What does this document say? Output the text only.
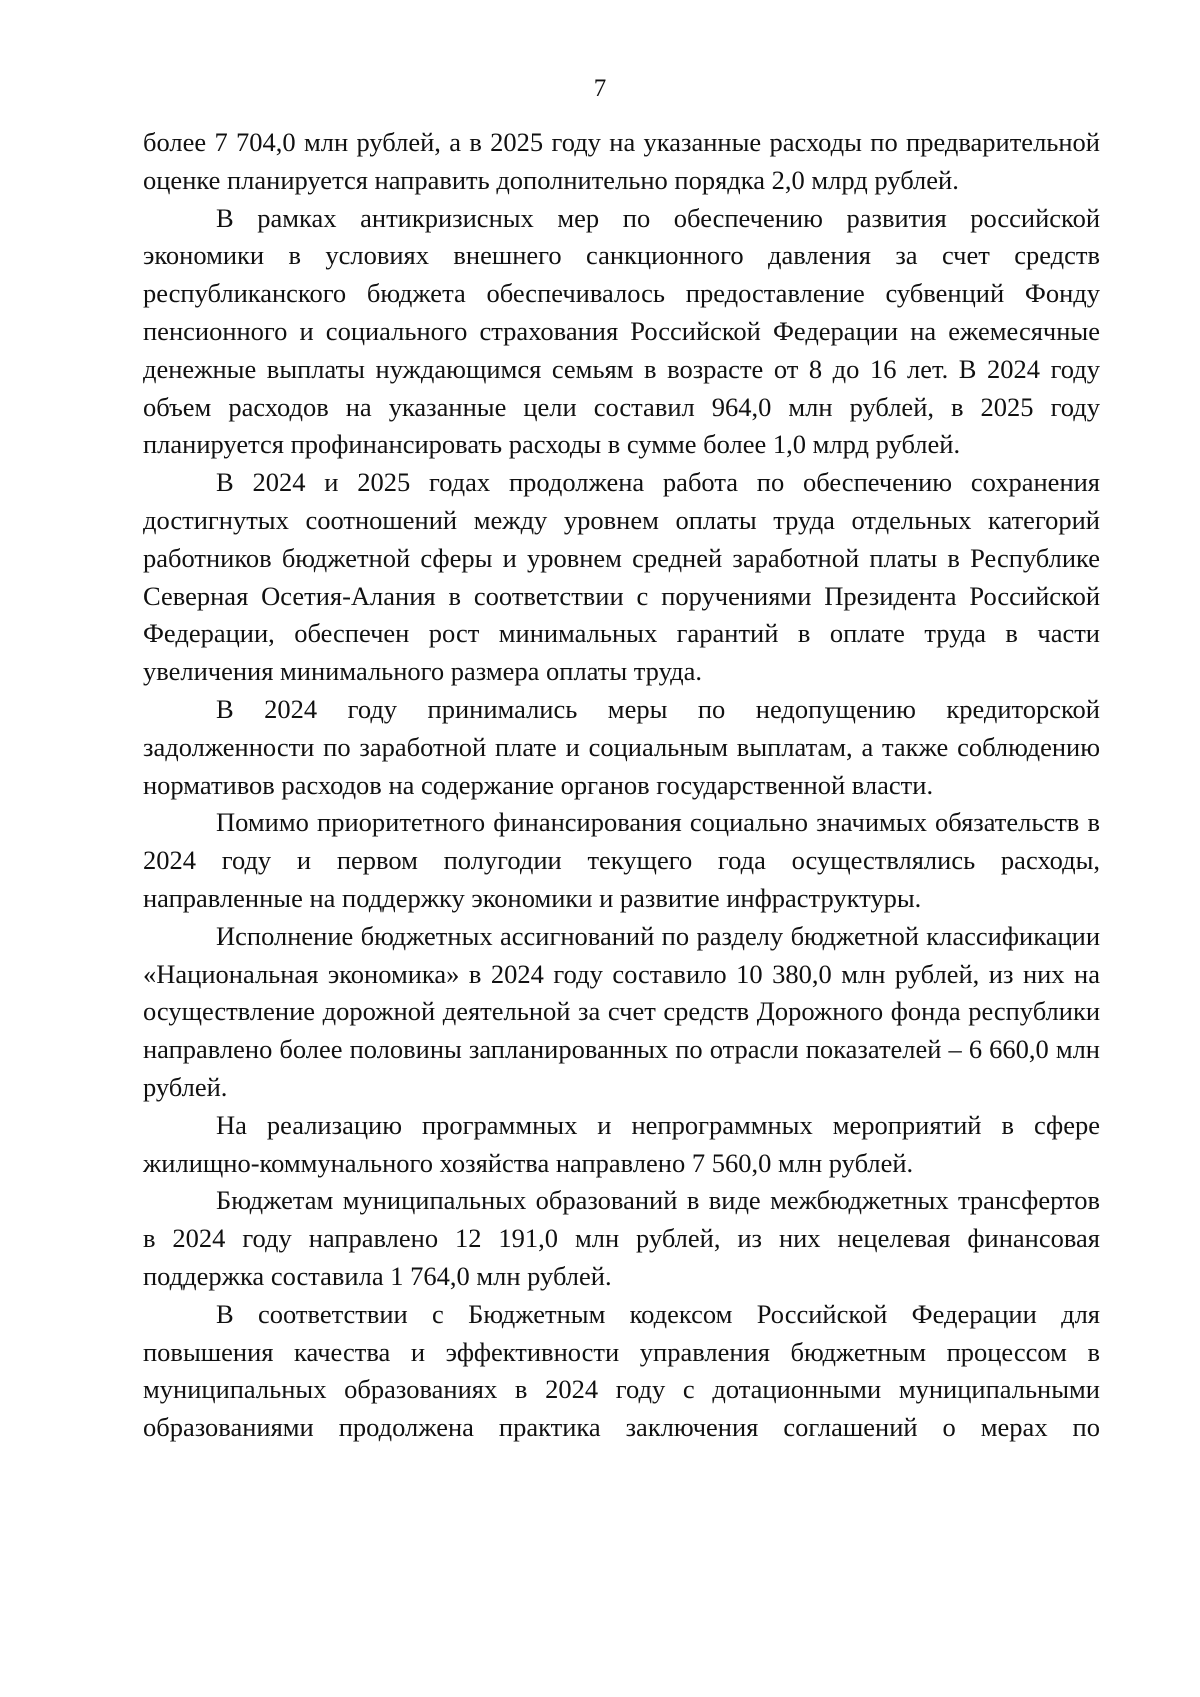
7

более 7 704,0 млн рублей, а в 2025 году на указанные расходы по предварительной оценке планируется направить дополнительно порядка 2,0 млрд рублей.

В рамках антикризисных мер по обеспечению развития российской экономики в условиях внешнего санкционного давления за счет средств республиканского бюджета обеспечивалось предоставление субвенций Фонду пенсионного и социального страхования Российской Федерации на ежемесячные денежные выплаты нуждающимся семьям в возрасте от 8 до 16 лет. В 2024 году объем расходов на указанные цели составил 964,0 млн рублей, в 2025 году планируется профинансировать расходы в сумме более 1,0 млрд рублей.

В 2024 и 2025 годах продолжена работа по обеспечению сохранения достигнутых соотношений между уровнем оплаты труда отдельных категорий работников бюджетной сферы и уровнем средней заработной платы в Республике Северная Осетия-Алания в соответствии с поручениями Президента Российской Федерации, обеспечен рост минимальных гарантий в оплате труда в части увеличения минимального размера оплаты труда.

В 2024 году принимались меры по недопущению кредиторской задолженности по заработной плате и социальным выплатам, а также соблюдению нормативов расходов на содержание органов государственной власти.

Помимо приоритетного финансирования социально значимых обязательств в 2024 году и первом полугодии текущего года осуществлялись расходы, направленные на поддержку экономики и развитие инфраструктуры.

Исполнение бюджетных ассигнований по разделу бюджетной классификации «Национальная экономика» в 2024 году составило 10 380,0 млн рублей, из них на осуществление дорожной деятельной за счет средств Дорожного фонда республики направлено более половины запланированных по отрасли показателей – 6 660,0 млн рублей.

На реализацию программных и непрограммных мероприятий в сфере жилищно-коммунального хозяйства направлено 7 560,0 млн рублей.

Бюджетам муниципальных образований в виде межбюджетных трансфертов в 2024 году направлено 12 191,0 млн рублей, из них нецелевая финансовая поддержка составила 1 764,0 млн рублей.

В соответствии с Бюджетным кодексом Российской Федерации для повышения качества и эффективности управления бюджетным процессом в муниципальных образованиях в 2024 году с дотационными муниципальными образованиями продолжена практика заключения соглашений о мерах по
